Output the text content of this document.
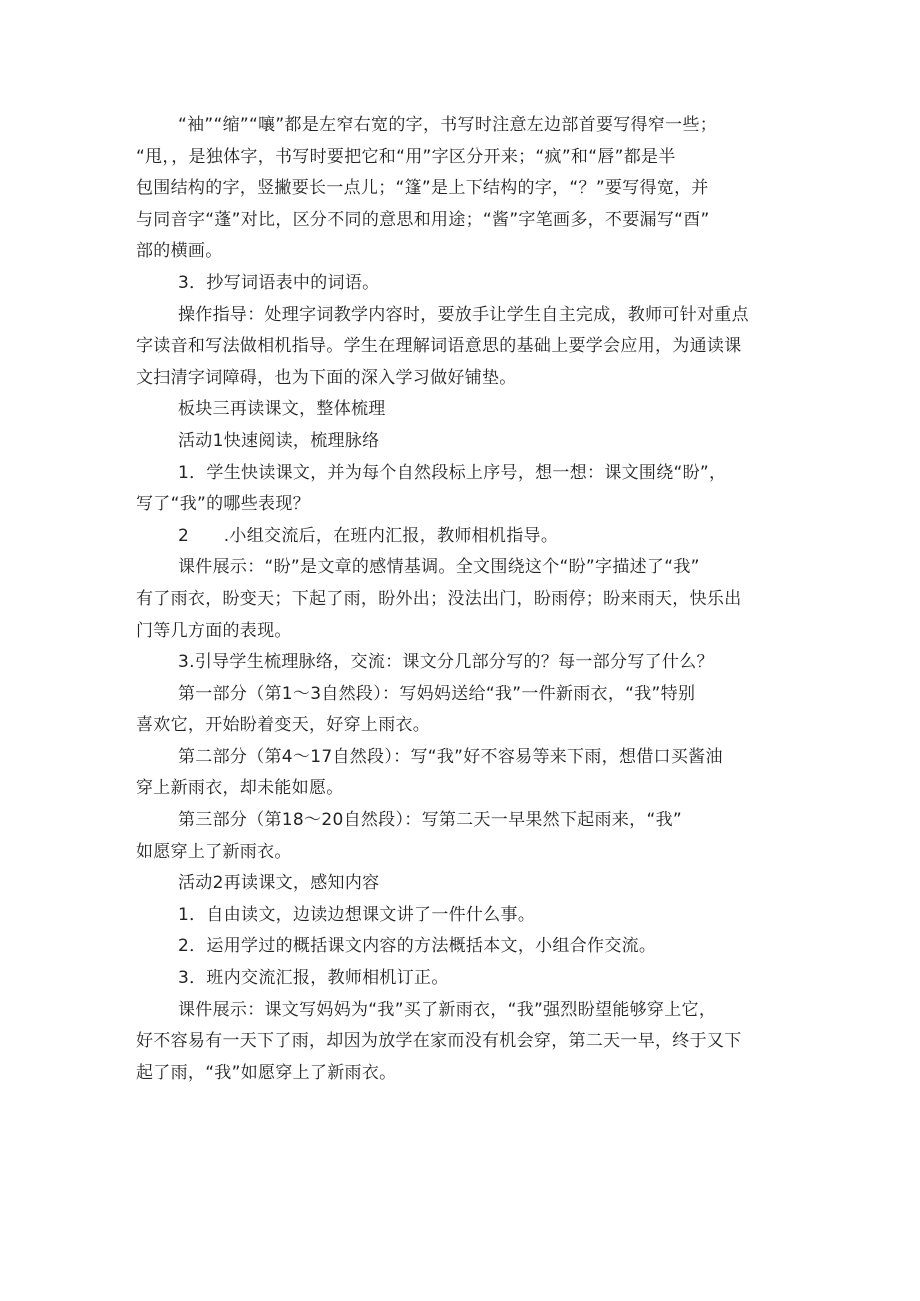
“袖”“缩”“嚷”都是左窄右宽的字，书写时注意左边部首要写得窄一些；
“甩，，是独体字，书写时要把它和“用”字区分开来；“疯”和“唇”都是半
包围结构的字，竖撇要长一点儿；“篷”是上下结构的字，“？”要写得宽，并
与同音字“蓬”对比，区分不同的意思和用途；“酱”字笔画多，不要漏写“酉”
部的横画。
3．抄写词语表中的词语。
操作指导：处理字词教学内容时，要放手让学生自主完成，教师可针对重点
字读音和写法做相机指导。学生在理解词语意思的基础上要学会应用，为通读课
文扫清字词障碍，也为下面的深入学习做好铺垫。
板块三再读课文，整体梳理
活动1快速阅读，梳理脉络
1．学生快读课文，并为每个自然段标上序号，想一想：课文围绕“盼”，
写了“我”的哪些表现？
2　　.小组交流后，在班内汇报，教师相机指导。
课件展示：“盼”是文章的感情基调。全文围绕这个“盼”字描述了“我”
有了雨衣，盼变天；下起了雨，盼外出；没法出门，盼雨停；盼来雨天，快乐出
门等几方面的表现。
3.引导学生梳理脉络，交流：课文分几部分写的？每一部分写了什么？
第一部分（第1〜3自然段）：写妈妈送给“我”一件新雨衣，“我”特别
喜欢它，开始盼着变天，好穿上雨衣。
第二部分（第4〜17自然段）：写“我”好不容易等来下雨，想借口买酱油
穿上新雨衣，却未能如愿。
第三部分（第18〜20自然段）：写第二天一早果然下起雨来，“我”
如愿穿上了新雨衣。
活动2再读课文，感知内容
1．自由读文，边读边想课文讲了一件什么事。
2．运用学过的概括课文内容的方法概括本文，小组合作交流。
3．班内交流汇报，教师相机订正。
课件展示：课文写妈妈为“我”买了新雨衣，“我”强烈盼望能够穿上它，
好不容易有一天下了雨，却因为放学在家而没有机会穿，第二天一早，终于又下
起了雨，“我”如愿穿上了新雨衣。
